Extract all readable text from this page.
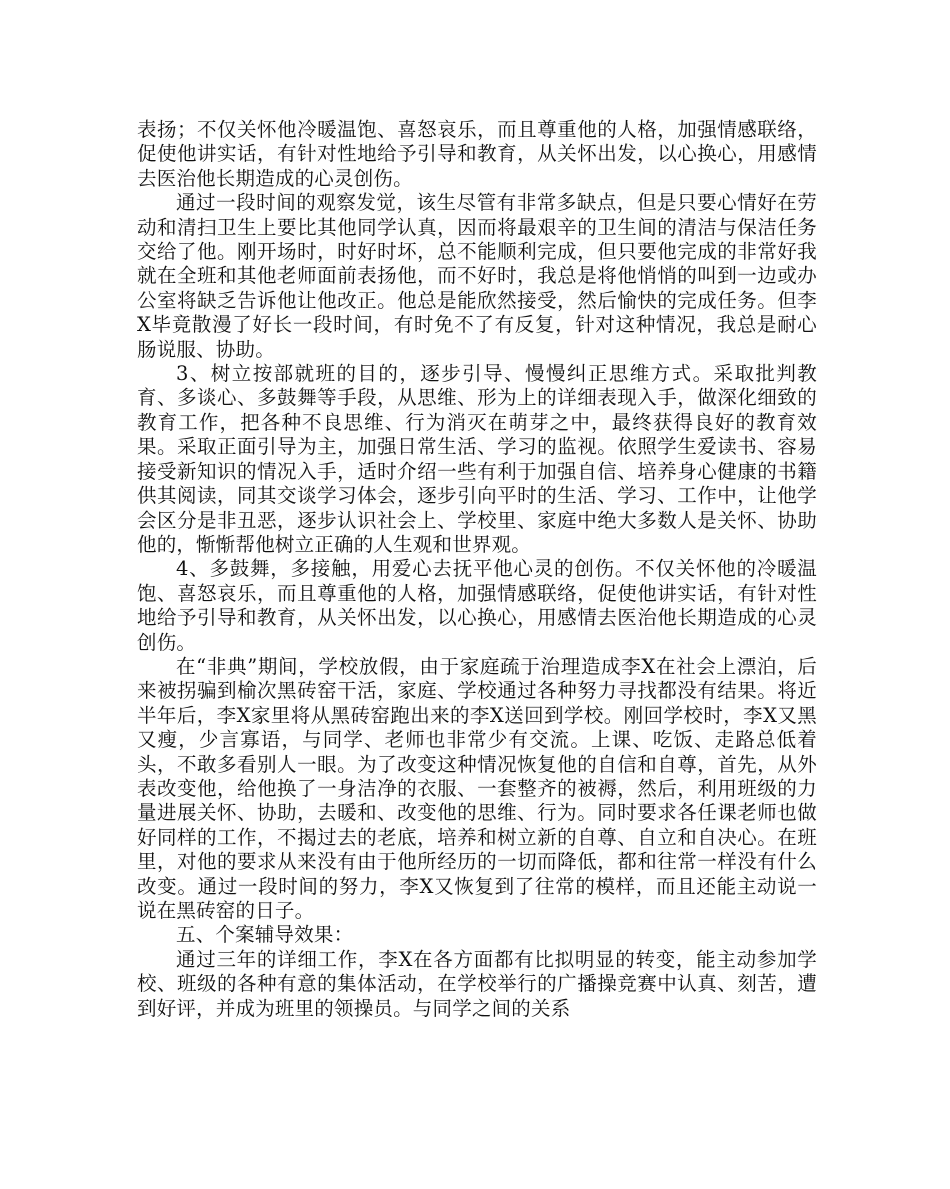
表扬；不仅关怀他冷暖温饱、喜怒哀乐，而且尊重他的人格，加强情感联络，促使他讲实话，有针对性地给予引导和教育，从关怀出发，以心换心，用感情去医治他长期造成的心灵创伤。

通过一段时间的观察发觉，该生尽管有非常多缺点，但是只要心情好在劳动和清扫卫生上要比其他同学认真，因而将最艰辛的卫生间的清洁与保洁任务交给了他。刚开场时，时好时坏，总不能顺利完成，但只要他完成的非常好我就在全班和其他老师面前表扬他，而不好时，我总是将他悄悄的叫到一边或办公室将缺乏告诉他让他改正。他总是能欣然接受，然后愉快的完成任务。但李X毕竟散漫了好长一段时间，有时免不了有反复，针对这种情况，我总是耐心肠说服、协助。

3、树立按部就班的目的，逐步引导、慢慢纠正思维方式。采取批判教育、多谈心、多鼓舞等手段，从思维、形为上的详细表现入手，做深化细致的教育工作，把各种不良思维、行为消灭在萌芽之中，最终获得良好的教育效果。采取正面引导为主，加强日常生活、学习的监视。依照学生爱读书、容易接受新知识的情况入手，适时介绍一些有利于加强自信、培养身心健康的书籍供其阅读，同其交谈学习体会，逐步引向平时的生活、学习、工作中，让他学会区分是非丑恶，逐步认识社会上、学校里、家庭中绝大多数人是关怀、协助他的，惭惭帮他树立正确的人生观和世界观。

4、多鼓舞，多接触，用爱心去抚平他心灵的创伤。不仅关怀他的冷暖温饱、喜怒哀乐，而且尊重他的人格，加强情感联络，促使他讲实话，有针对性地给予引导和教育，从关怀出发，以心换心，用感情去医治他长期造成的心灵创伤。

在“非典”期间，学校放假，由于家庭疏于治理造成李X在社会上漂泊，后来被拐骗到榆次黑砖窑干活，家庭、学校通过各种努力寻找都没有结果。将近半年后，李X家里将从黑砖窑跑出来的李X送回到学校。刚回学校时，李X又黑又瘦，少言寡语，与同学、老师也非常少有交流。上课、吃饭、走路总低着头，不敢多看别人一眼。为了改变这种情况恢复他的自信和自尊，首先，从外表改变他，给他换了一身洁净的衣服、一套整齐的被褥，然后，利用班级的力量进展关怀、协助，去暖和、改变他的思维、行为。同时要求各任课老师也做好同样的工作，不揭过去的老底，培养和树立新的自尊、自立和自决心。在班里，对他的要求从来没有由于他所经历的一切而降低，都和往常一样没有什么改变。通过一段时间的努力，李X又恢复到了往常的模样，而且还能主动说一说在黑砖窑的日子。

五、个案辅导效果：

通过三年的详细工作，李X在各方面都有比拟明显的转变，能主动参加学校、班级的各种有意的集体活动，在学校举行的广播操竞赛中认真、刻苦，遭到好评，并成为班里的领操员。与同学之间的关系
